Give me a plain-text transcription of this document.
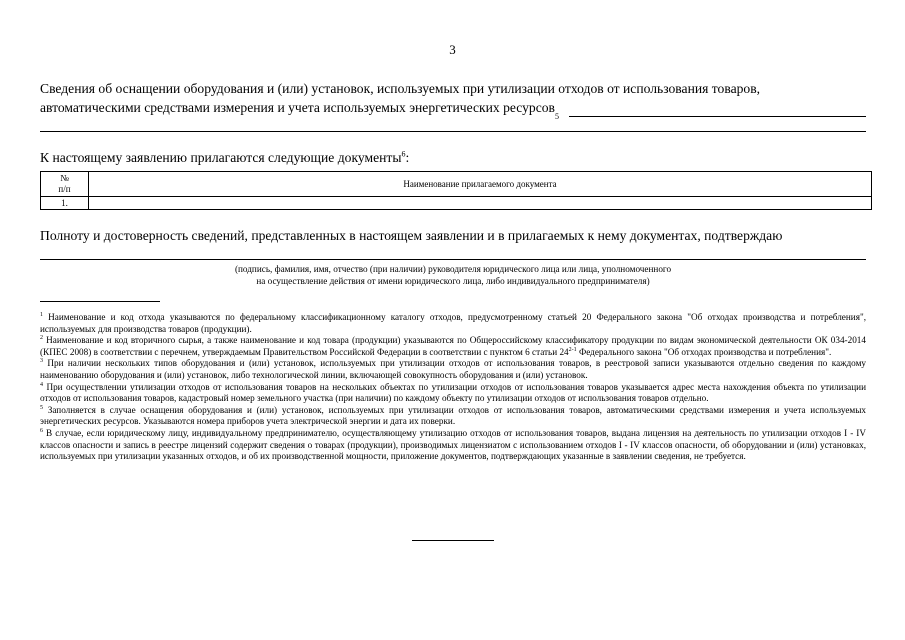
3
Сведения об оснащении оборудования и (или) установок, используемых при утилизации отходов от использования товаров,
автоматическими средствами измерения и учета используемых энергетических ресурсов
5
К настоящему заявлению прилагаются следующие документы$^6$:
№
п/п	Наименование прилагаемого документа
1.	
Полноту и достоверность сведений, представленных в настоящем заявлении и в прилагаемых к нему документах, подтверждаю
(подпись, фамилия, имя, отчество (при наличии) руководителя юридического лица или лица, уполномоченного
на осуществление действия от имени юридического лица, либо индивидуального предпринимателя)

$^1$ Наименование и код отхода указываются по федеральному классификационному каталогу отходов, предусмотренному статьей 20 Федерального закона "Об отходах производства и потребления", используемых для производства товаров (продукции).

$^2$ Наименование и код вторичного сырья, а также наименование и код товара (продукции) указываются по Общероссийскому классификатору продукции по видам экономической деятельности ОК 034-2014 (КПЕС 2008) в соответствии с перечнем, утверждаемым Правительством Российской Федерации в соответствии с пунктом 6 статьи 24$^{2-1}$ Федерального закона "Об отходах производства и потребления".

$^3$ При наличии нескольких типов оборудования и (или) установок, используемых при утилизации отходов от использования товаров, в реестровой записи указываются отдельно сведения по каждому наименованию оборудования и (или) установок, либо технологической линии, включающей совокупность оборудования и (или) установок.

$^4$ При осуществлении утилизации отходов от использования товаров на нескольких объектах по утилизации отходов от использования товаров указывается адрес места нахождения объекта по утилизации отходов от использования товаров, кадастровый номер земельного участка (при наличии) по каждому объекту по утилизации отходов от использования товаров отдельно.

$^5$ Заполняется в случае оснащения оборудования и (или) установок, используемых при утилизации отходов от использования товаров, автоматическими средствами измерения и учета используемых энергетических ресурсов. Указываются номера приборов учета электрической энергии и дата их поверки.

$^6$ В случае, если юридическому лицу, индивидуальному предпринимателю, осуществляющему утилизацию отходов от использования товаров, выдана лицензия на деятельность по утилизации отходов I - IV классов опасности и запись в реестре лицензий содержит сведения о товарах (продукции), производимых лицензиатом с использованием отходов I - IV классов опасности, об оборудовании и (или) установках, используемых при утилизации указанных отходов, и об их производственной мощности, приложение документов, подтверждающих указанные в заявлении сведения, не требуется.
